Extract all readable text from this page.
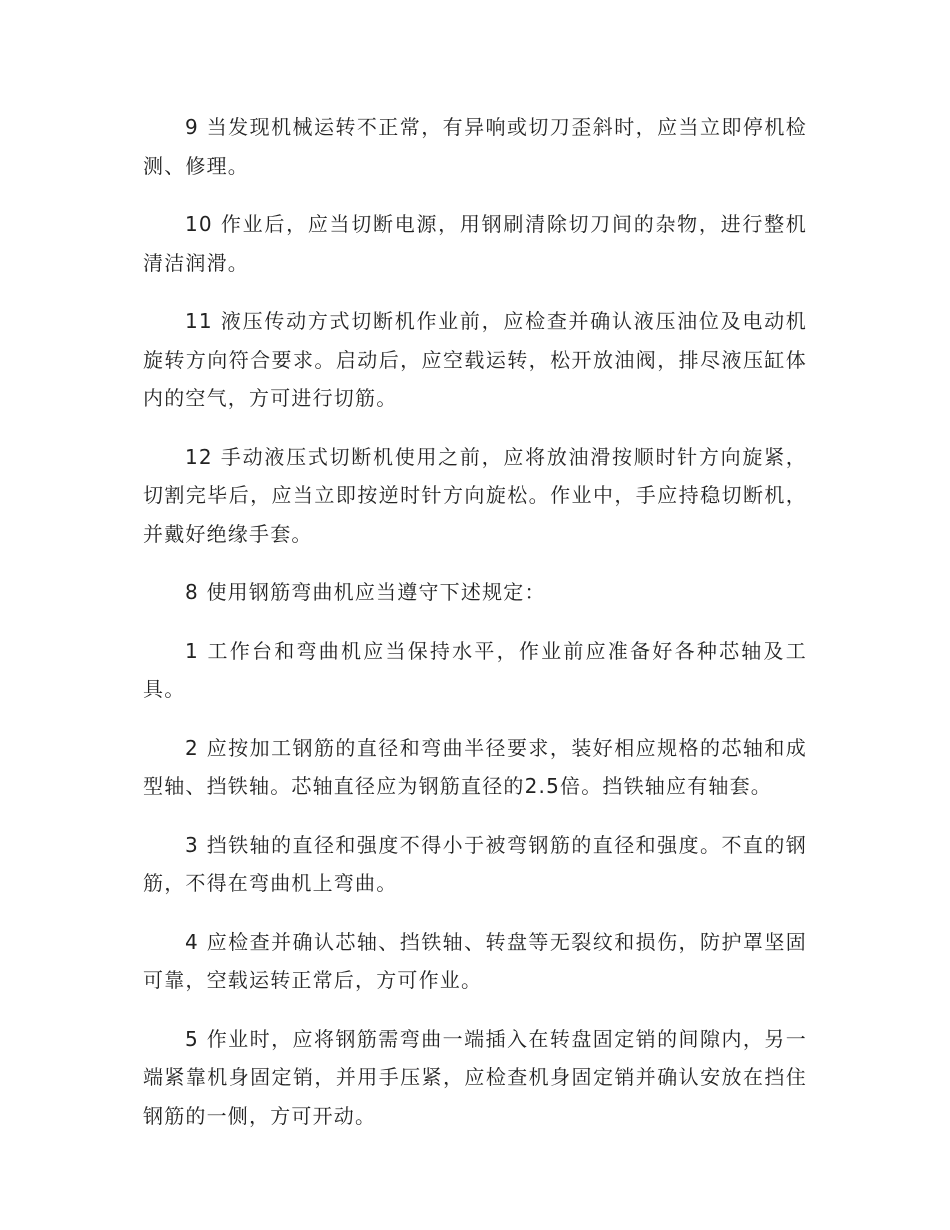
9 当发现机械运转不正常，有异响或切刀歪斜时，应当立即停机检测、修理。

10 作业后，应当切断电源，用钢刷清除切刀间的杂物，进行整机清洁润滑。

11 液压传动方式切断机作业前，应检查并确认液压油位及电动机旋转方向符合要求。启动后，应空载运转，松开放油阀，排尽液压缸体内的空气，方可进行切筋。

12 手动液压式切断机使用之前，应将放油滑按顺时针方向旋紧，切割完毕后，应当立即按逆时针方向旋松。作业中，手应持稳切断机，并戴好绝缘手套。

8 使用钢筋弯曲机应当遵守下述规定：

1 工作台和弯曲机应当保持水平，作业前应准备好各种芯轴及工具。

2 应按加工钢筋的直径和弯曲半径要求，装好相应规格的芯轴和成型轴、挡铁轴。芯轴直径应为钢筋直径的2.5倍。挡铁轴应有轴套。

3 挡铁轴的直径和强度不得小于被弯钢筋的直径和强度。不直的钢筋，不得在弯曲机上弯曲。

4 应检查并确认芯轴、挡铁轴、转盘等无裂纹和损伤，防护罩坚固可靠，空载运转正常后，方可作业。

5 作业时，应将钢筋需弯曲一端插入在转盘固定销的间隙内，另一端紧靠机身固定销，并用手压紧，应检查机身固定销并确认安放在挡住钢筋的一侧，方可开动。
